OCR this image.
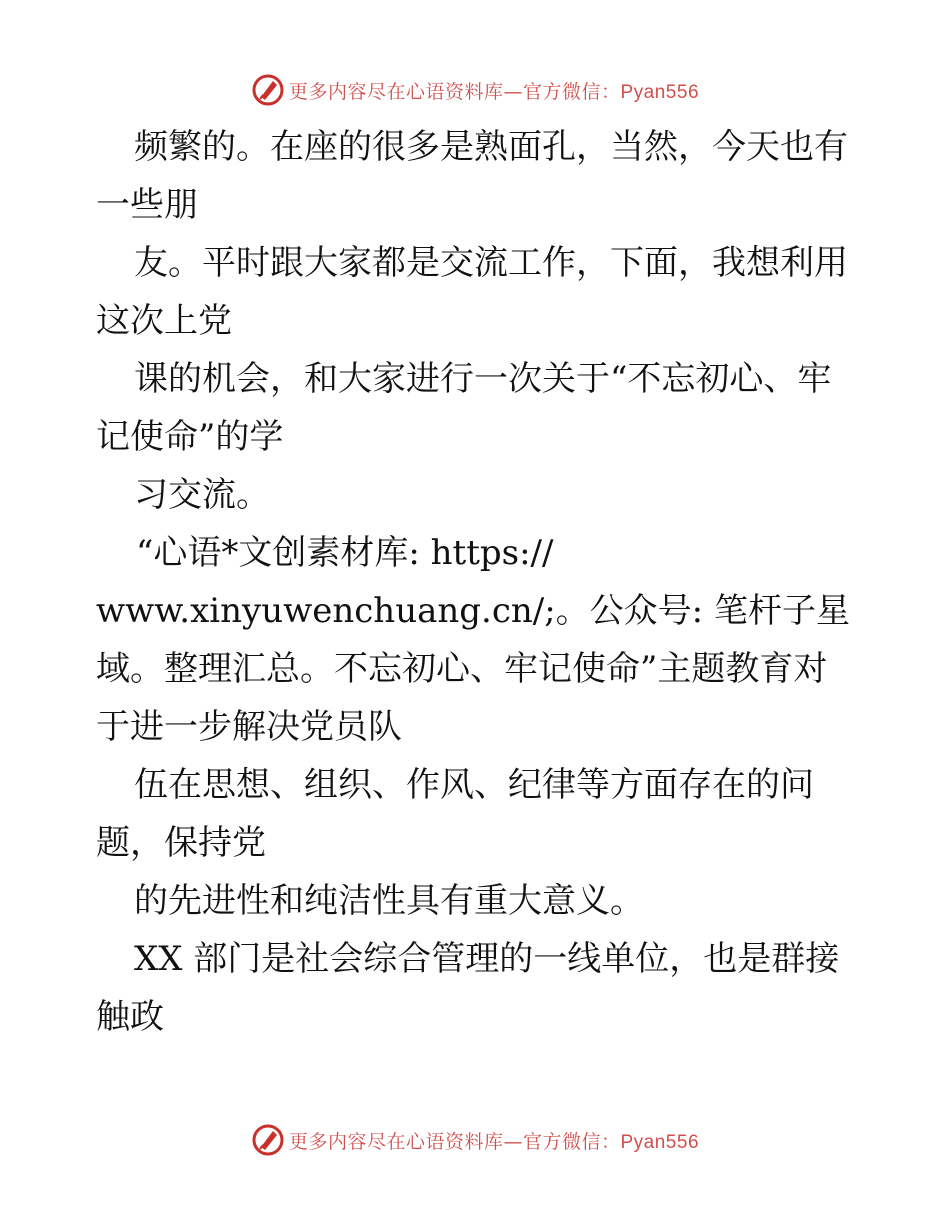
更多内容尽在心语资料库—官方微信：Pyan556
频繁的。在座的很多是熟面孔，当然，今天也有
一些朋
友。平时跟大家都是交流工作，下面，我想利用
这次上党
课的机会，和大家进行一次关于“不忘初心、牢
记使命”的学
习交流。
“心语*文创素材库: https://
www.xinyuwenchuang.cn/;。公众号: 笔杆子星
域。整理汇总。不忘初心、牢记使命”主题教育对
于进一步解决党员队
伍在思想、组织、作风、纪律等方面存在的问
题，保持党
的先进性和纯洁性具有重大意义。
XX 部门是社会综合管理的一线单位，也是群接
触政
更多内容尽在心语资料库—官方微信：Pyan556
